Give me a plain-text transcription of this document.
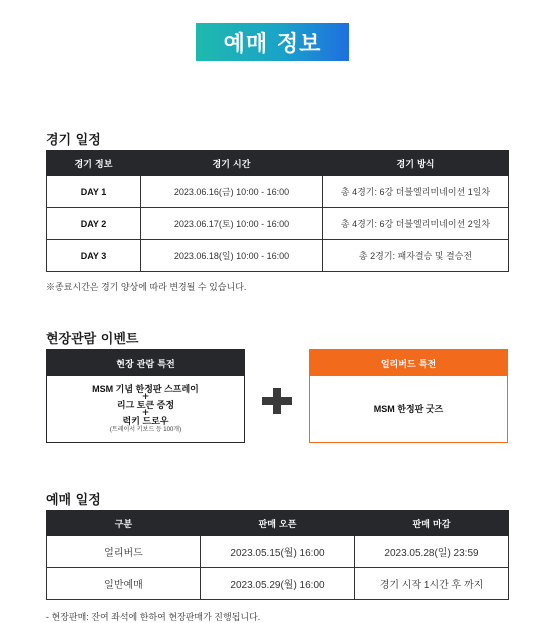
예매 정보
경기 일정
경기 정보	경기 시간	경기 방식
DAY 1	2023.06.16(금) 10:00 - 16:00	총 4경기: 6강 더블엘리미네이션 1일차
DAY 2	2023.06.17(토) 10:00 - 16:00	총 4경기: 6강 더블엘리미네이션 2일차
DAY 3	2023.06.18(일) 10:00 - 16:00	총 2경기: 패자결승 및 결승전
※종료시간은 경기 양상에 따라 변경될 수 있습니다.
현장관람 이벤트
현장 관람 특전
MSM 기념 한정판 스프레이
+
리그 토큰 증정
+
럭키 드로우
(트레이서 키보드 등 100개)
얼리버드 특전
MSM 한정판 굿즈
예매 일정
구분	판매 오픈	판매 마감
얼리버드	2023.05.15(월) 16:00	2023.05.28(일) 23:59
일반예매	2023.05.29(월) 16:00	경기 시작 1시간 후 까지
- 현장판매: 잔여 좌석에 한하여 현장판매가 진행됩니다.
